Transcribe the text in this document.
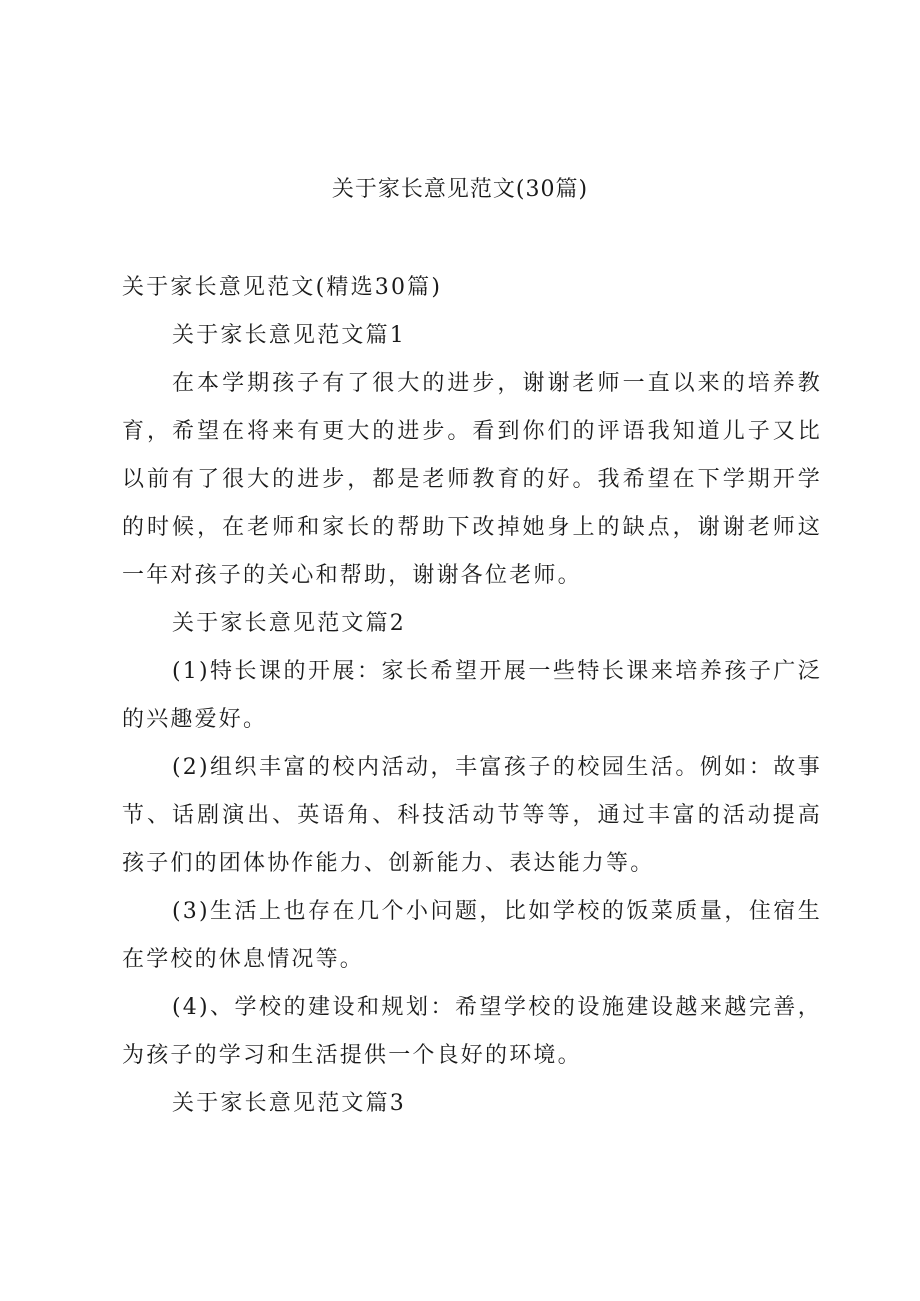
关于家长意见范文(30篇)

关于家长意见范文(精选30篇)

关于家长意见范文篇1

在本学期孩子有了很大的进步，谢谢老师一直以来的培养教育，希望在将来有更大的进步。看到你们的评语我知道儿子又比以前有了很大的进步，都是老师教育的好。我希望在下学期开学的时候，在老师和家长的帮助下改掉她身上的缺点，谢谢老师这一年对孩子的关心和帮助，谢谢各位老师。

关于家长意见范文篇2

(1)特长课的开展：家长希望开展一些特长课来培养孩子广泛的兴趣爱好。

(2)组织丰富的校内活动，丰富孩子的校园生活。例如：故事节、话剧演出、英语角、科技活动节等等，通过丰富的活动提高孩子们的团体协作能力、创新能力、表达能力等。

(3)生活上也存在几个小问题，比如学校的饭菜质量，住宿生在学校的休息情况等。

(4)、学校的建设和规划：希望学校的设施建设越来越完善，为孩子的学习和生活提供一个良好的环境。

关于家长意见范文篇3
